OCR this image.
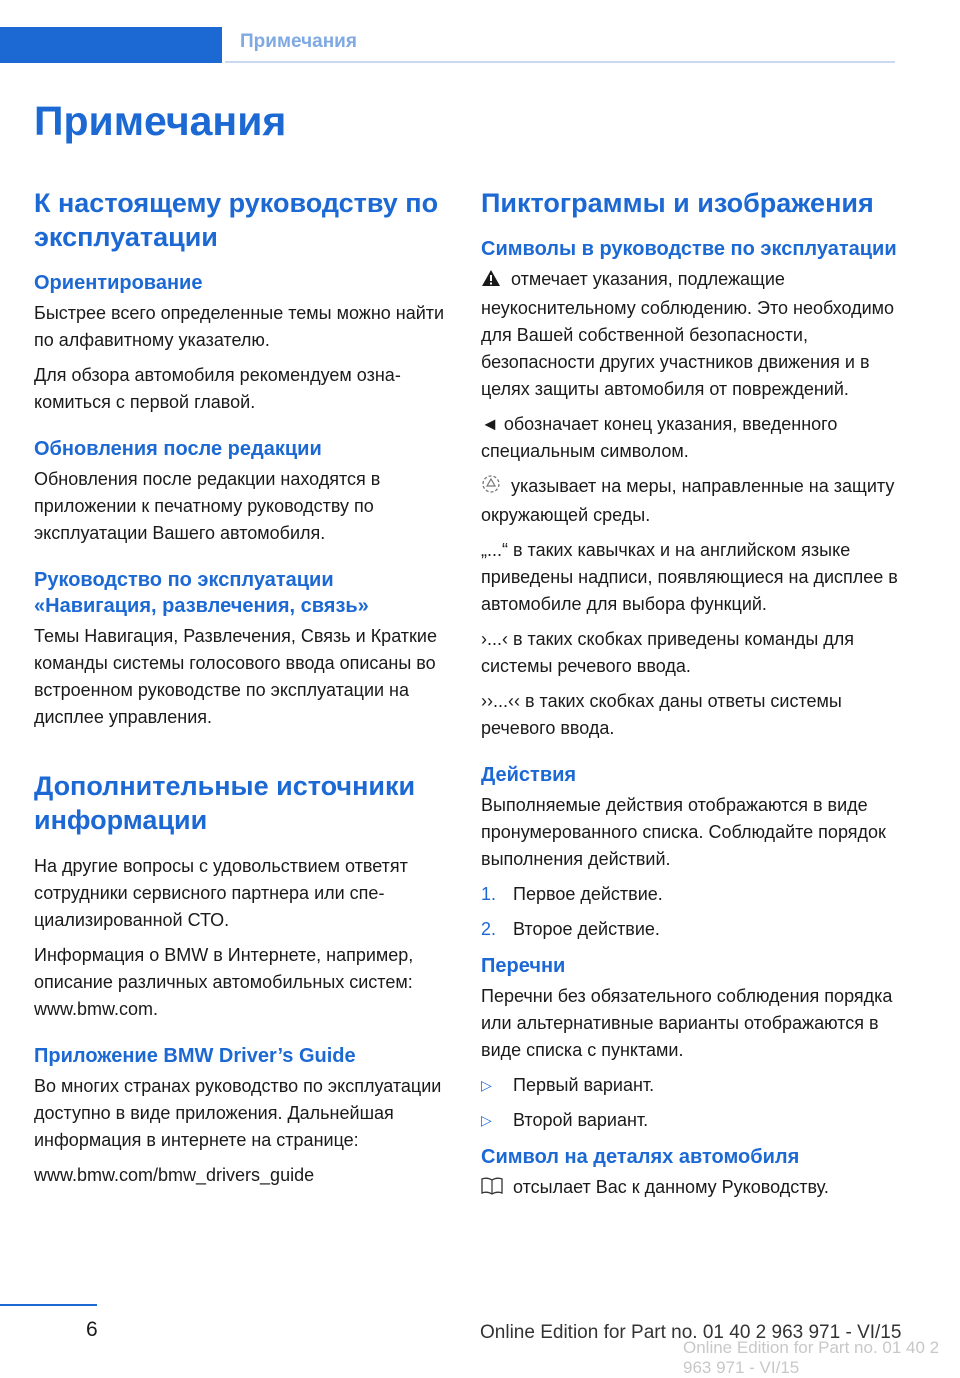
Примечания
Примечания
К настоящему руководству по эксплуатации
Ориентирование

Быстрее всего определенные темы можно найти по алфавитному указателю.

Для обзора автомобиля рекомендуем ознакомиться с первой главой.

Обновления после редакции

Обновления после редакции находятся в приложении к печатному руководству по эксплуатации Вашего автомобиля.

Руководство по эксплуатации «Навигация, развлечения, связь»

Темы Навигация, Развлечения, Связь и Краткие команды системы голосового ввода описаны во встроенном руководстве по эксплуатации на дисплее управления.

Дополнительные источники информации

На другие вопросы с удовольствием ответят сотрудники сервисного партнера или специализированной СТО.

Информация о BMW в Интернете, например, описание различных автомобильных систем: www.bmw.com.

Приложение BMW Driver’s Guide

Во многих странах руководство по эксплуатации доступно в виде приложения. Дальнейшая информация в интернете на странице:

www.bmw.com/bmw_drivers_guide

Пиктограммы и изображения
Символы в руководстве по эксплуатации

отмечает указания, подлежащие неукоснительному соблюдению. Это необходимо для Вашей собственной безопасности, безопасности других участников движения и в целях защиты автомобиля от повреждений.

◄ обозначает конец указания, введенного специальным символом.

указывает на меры, направленные на защиту окружающей среды.

„...“ в таких кавычках и на английском языке приведены надписи, появляющиеся на дисплее в автомобиле для выбора функций.

›...‹ в таких скобках приведены команды для системы речевого ввода.

››...‹‹ в таких скобках даны ответы системы речевого ввода.

Действия

Выполняемые действия отображаются в виде пронумерованного списка. Соблюдайте порядок выполнения действий.

1. Первое действие.
2. Второе действие.
Перечни

Перечни без обязательного соблюдения порядка или альтернативные варианты отображаются в виде списка с пунктами.

▷	Первый вариант.
▷	Второй вариант.
Символ на деталях автомобиля

отсылает Вас к данному Руководству.

6	Online Edition for Part no. 01 40 2 963 971 - VI/15
Online Edition for Part no. 01 40 2 963 971 - VI/15
